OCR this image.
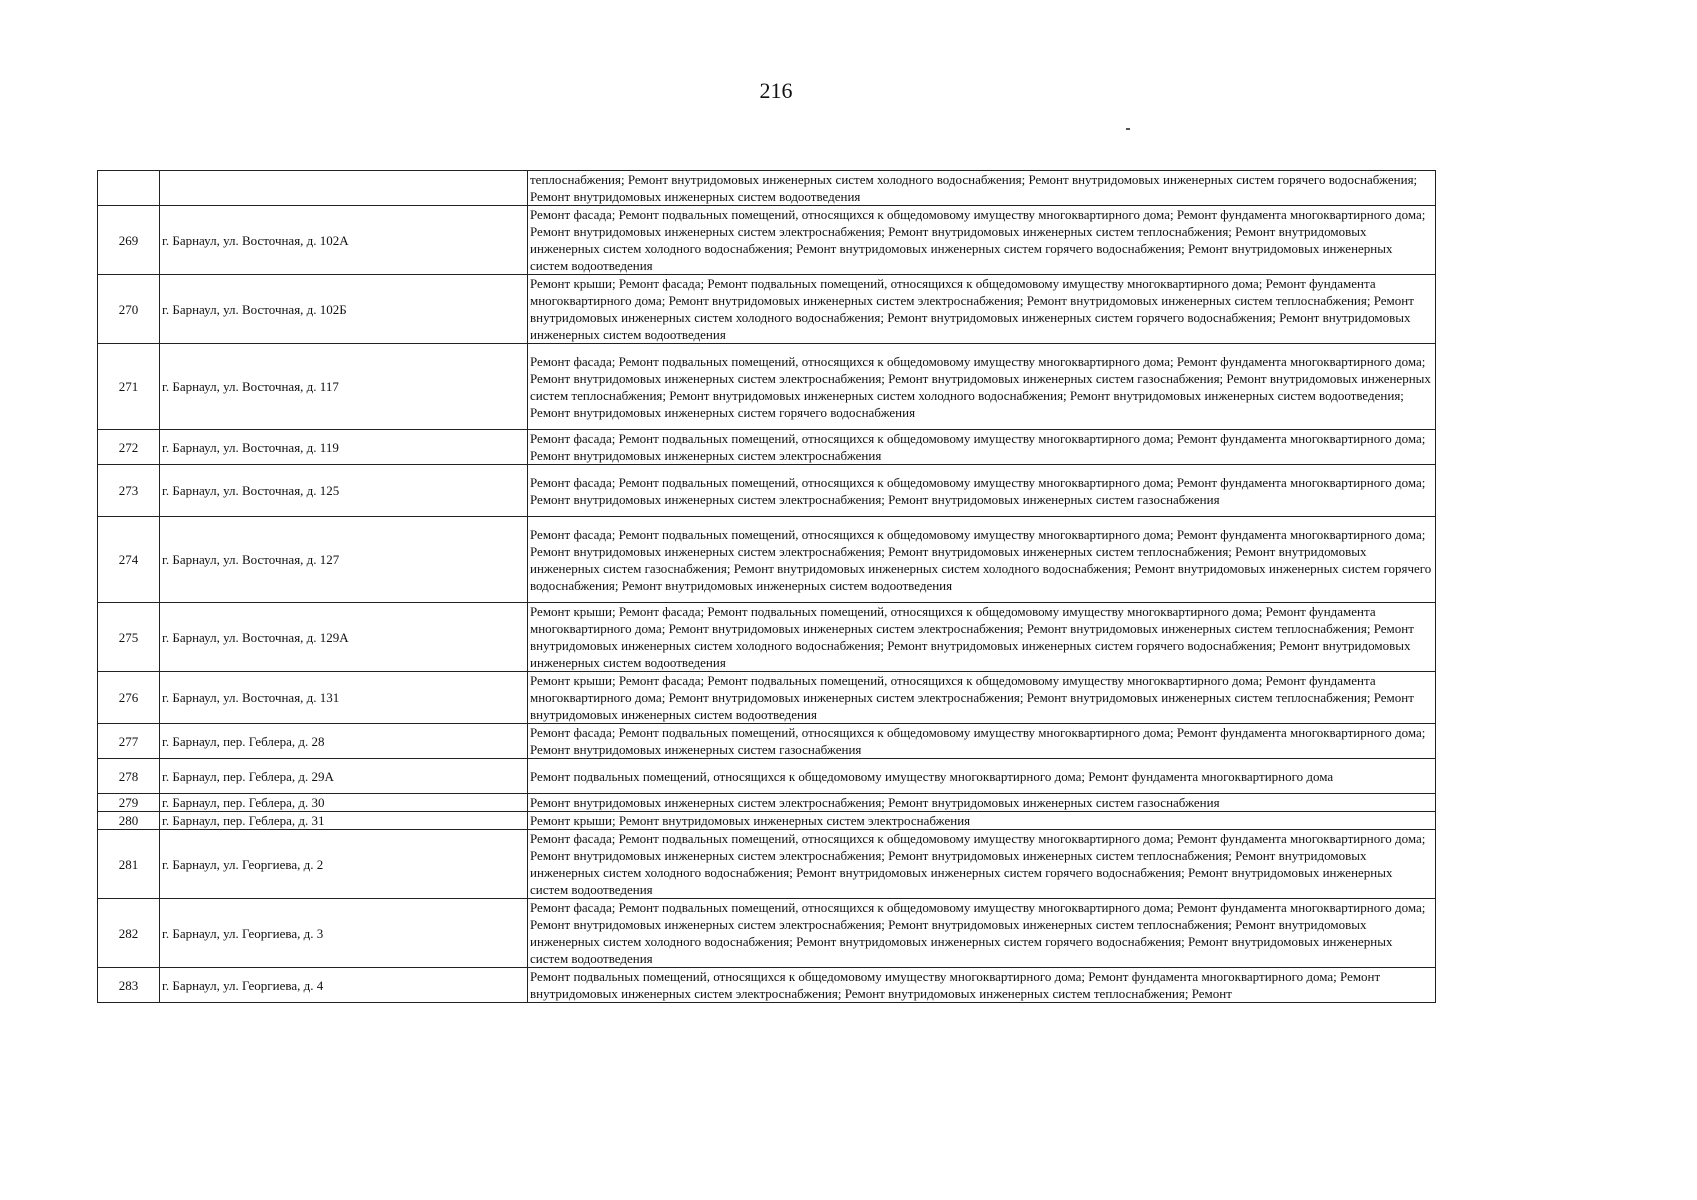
216
		теплоснабжения; Ремонт внутридомовых инженерных систем холодного водоснабжения; Ремонт внутридомовых инженерных систем горячего водоснабжения; Ремонт внутридомовых инженерных систем водоотведения
269	г. Барнаул, ул. Восточная, д. 102А	Ремонт фасада; Ремонт подвальных помещений, относящихся к общедомовому имуществу многоквартирного дома; Ремонт фундамента многоквартирного дома; Ремонт внутридомовых инженерных систем электроснабжения; Ремонт внутридомовых инженерных систем теплоснабжения; Ремонт внутридомовых инженерных систем холодного водоснабжения; Ремонт внутридомовых инженерных систем горячего водоснабжения; Ремонт внутридомовых инженерных систем водоотведения
270	г. Барнаул, ул. Восточная, д. 102Б	Ремонт крыши; Ремонт фасада; Ремонт подвальных помещений, относящихся к общедомовому имуществу многоквартирного дома; Ремонт фундамента многоквартирного дома; Ремонт внутридомовых инженерных систем электроснабжения; Ремонт внутридомовых инженерных систем теплоснабжения; Ремонт внутридомовых инженерных систем холодного водоснабжения; Ремонт внутридомовых инженерных систем горячего водоснабжения; Ремонт внутридомовых инженерных систем водоотведения
271	г. Барнаул, ул. Восточная, д. 117	Ремонт фасада; Ремонт подвальных помещений, относящихся к общедомовому имуществу многоквартирного дома; Ремонт фундамента многоквартирного дома; Ремонт внутридомовых инженерных систем электроснабжения; Ремонт внутридомовых инженерных систем газоснабжения; Ремонт внутридомовых инженерных систем теплоснабжения; Ремонт внутридомовых инженерных систем холодного водоснабжения; Ремонт внутридомовых инженерных систем водоотведения; Ремонт внутридомовых инженерных систем горячего водоснабжения
272	г. Барнаул, ул. Восточная, д. 119	Ремонт фасада; Ремонт подвальных помещений, относящихся к общедомовому имуществу многоквартирного дома; Ремонт фундамента многоквартирного дома; Ремонт внутридомовых инженерных систем электроснабжения
273	г. Барнаул, ул. Восточная, д. 125	Ремонт фасада; Ремонт подвальных помещений, относящихся к общедомовому имуществу многоквартирного дома; Ремонт фундамента многоквартирного дома; Ремонт внутридомовых инженерных систем электроснабжения; Ремонт внутридомовых инженерных систем газоснабжения
274	г. Барнаул, ул. Восточная, д. 127	Ремонт фасада; Ремонт подвальных помещений, относящихся к общедомовому имуществу многоквартирного дома; Ремонт фундамента многоквартирного дома; Ремонт внутридомовых инженерных систем электроснабжения; Ремонт внутридомовых инженерных систем теплоснабжения; Ремонт внутридомовых инженерных систем газоснабжения; Ремонт внутридомовых инженерных систем холодного водоснабжения; Ремонт внутридомовых инженерных систем горячего водоснабжения; Ремонт внутридомовых инженерных систем водоотведения
275	г. Барнаул, ул. Восточная, д. 129А	Ремонт крыши; Ремонт фасада; Ремонт подвальных помещений, относящихся к общедомовому имуществу многоквартирного дома; Ремонт фундамента многоквартирного дома; Ремонт внутридомовых инженерных систем электроснабжения; Ремонт внутридомовых инженерных систем теплоснабжения; Ремонт внутридомовых инженерных систем холодного водоснабжения; Ремонт внутридомовых инженерных систем горячего водоснабжения; Ремонт внутридомовых инженерных систем водоотведения
276	г. Барнаул, ул. Восточная, д. 131	Ремонт крыши; Ремонт фасада; Ремонт подвальных помещений, относящихся к общедомовому имуществу многоквартирного дома; Ремонт фундамента многоквартирного дома; Ремонт внутридомовых инженерных систем электроснабжения; Ремонт внутридомовых инженерных систем теплоснабжения; Ремонт внутридомовых инженерных систем водоотведения
277	г. Барнаул, пер. Геблера, д. 28	Ремонт фасада; Ремонт подвальных помещений, относящихся к общедомовому имуществу многоквартирного дома; Ремонт фундамента многоквартирного дома; Ремонт внутридомовых инженерных систем газоснабжения
278	г. Барнаул, пер. Геблера, д. 29А	Ремонт подвальных помещений, относящихся к общедомовому имуществу многоквартирного дома; Ремонт фундамента многоквартирного дома
279	г. Барнаул, пер. Геблера, д. 30	Ремонт внутридомовых инженерных систем электроснабжения; Ремонт внутридомовых инженерных систем газоснабжения
280	г. Барнаул, пер. Геблера, д. 31	Ремонт крыши; Ремонт внутридомовых инженерных систем электроснабжения
281	г. Барнаул, ул. Георгиева, д. 2	Ремонт фасада; Ремонт подвальных помещений, относящихся к общедомовому имуществу многоквартирного дома; Ремонт фундамента многоквартирного дома; Ремонт внутридомовых инженерных систем электроснабжения; Ремонт внутридомовых инженерных систем теплоснабжения; Ремонт внутридомовых инженерных систем холодного водоснабжения; Ремонт внутридомовых инженерных систем горячего водоснабжения; Ремонт внутридомовых инженерных систем водоотведения
282	г. Барнаул, ул. Георгиева, д. 3	Ремонт фасада; Ремонт подвальных помещений, относящихся к общедомовому имуществу многоквартирного дома; Ремонт фундамента многоквартирного дома; Ремонт внутридомовых инженерных систем электроснабжения; Ремонт внутридомовых инженерных систем теплоснабжения; Ремонт внутридомовых инженерных систем холодного водоснабжения; Ремонт внутридомовых инженерных систем горячего водоснабжения; Ремонт внутридомовых инженерных систем водоотведения
283	г. Барнаул, ул. Георгиева, д. 4	Ремонт подвальных помещений, относящихся к общедомовому имуществу многоквартирного дома; Ремонт фундамента многоквартирного дома; Ремонт внутридомовых инженерных систем электроснабжения; Ремонт внутридомовых инженерных систем теплоснабжения; Ремонт
